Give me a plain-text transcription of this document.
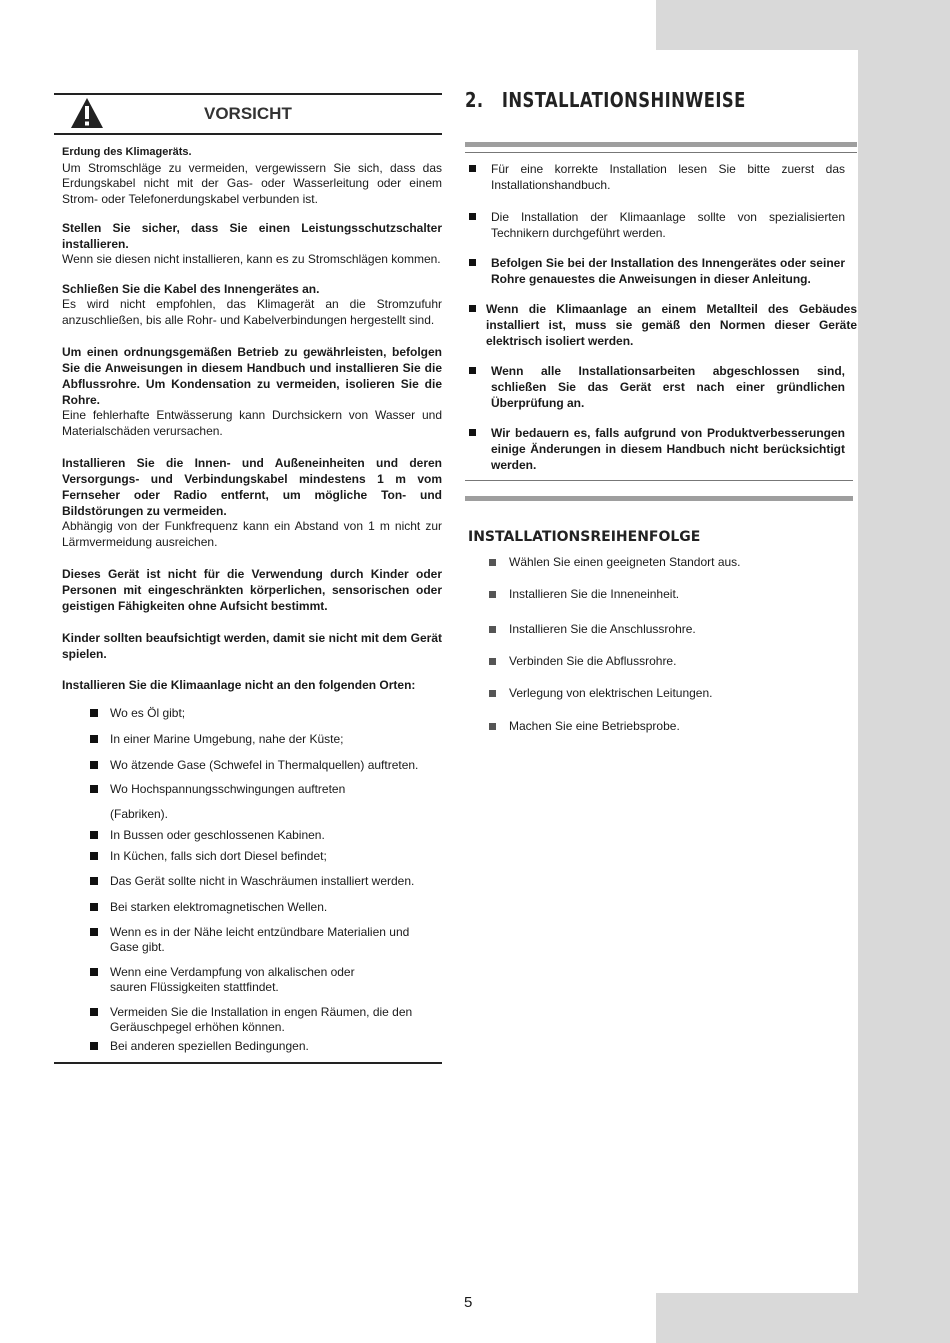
VORSICHT

Erdung des Klimageräts.

Um Stromschläge zu vermeiden, vergewissern Sie sich, dass das Erdungskabel nicht mit der Gas- oder Wasserleitung oder einem Strom- oder Telefonerdungskabel verbunden ist.

Stellen Sie sicher, dass Sie einen Leistungsschutzschalter installieren.

Wenn sie diesen nicht installieren, kann es zu Stromschlägen kommen.

Schließen Sie die Kabel des Innengerätes an.

Es wird nicht empfohlen, das Klimagerät an die Stromzufuhr anzuschließen, bis alle Rohr- und Kabelverbindungen hergestellt sind.

Um einen ordnungsgemäßen Betrieb zu gewährleisten, befolgen Sie die Anweisungen in diesem Handbuch und installieren Sie die Abflussrohre. Um Kondensation zu vermeiden, isolieren Sie die Rohre.

Eine fehlerhafte Entwässerung kann Durchsickern von Wasser und Materialschäden verursachen.

Installieren Sie die Innen- und Außeneinheiten und deren Versorgungs- und Verbindungskabel mindestens 1 m vom Fernseher oder Radio entfernt, um mögliche Ton- und Bildstörungen zu vermeiden.

Abhängig von der Funkfrequenz kann ein Abstand von 1 m nicht zur Lärmvermeidung ausreichen.

Dieses Gerät ist nicht für die Verwendung durch Kinder oder Personen mit eingeschränkten körperlichen, sensorischen oder geistigen Fähigkeiten ohne Aufsicht bestimmt.

Kinder sollten beaufsichtigt werden, damit sie nicht mit dem Gerät spielen.

Installieren Sie die Klimaanlage nicht an den folgenden Orten:

Wo es Öl gibt;
In einer Marine Umgebung, nahe der Küste;
Wo ätzende Gase (Schwefel in Thermalquellen) auftreten.
Wo Hochspannungsschwingungen auftreten
(Fabriken).
In Bussen oder geschlossenen Kabinen.
In Küchen, falls sich dort Diesel befindet;
Das Gerät sollte nicht in Waschräumen installiert werden.
Bei starken elektromagnetischen Wellen.
Wenn es in der Nähe leicht entzündbare Materialien und Gase gibt.
Wenn eine Verdampfung von alkalischen oder sauren Flüssigkeiten stattfindet.
Vermeiden Sie die Installation in engen Räumen, die den Geräuschpegel erhöhen können.
Bei anderen speziellen Bedingungen.
2. INSTALLATIONSHINWEISE
Für eine korrekte Installation lesen Sie bitte zuerst das Installationshandbuch.
Die Installation der Klimaanlage sollte von spezialisierten Technikern durchgeführt werden.
Befolgen Sie bei der Installation des Innengerätes oder seiner Rohre genauestes die Anweisungen in dieser Anleitung.
Wenn die Klimaanlage an einem Metallteil des Gebäudes installiert ist, muss sie gemäß den Normen dieser Geräte elektrisch isoliert werden.
Wenn alle Installationsarbeiten abgeschlossen sind, schließen Sie das Gerät erst nach einer gründlichen Überprüfung an.
Wir bedauern es, falls aufgrund von Produktverbesserungen einige Änderungen in diesem Handbuch nicht berücksichtigt werden.
INSTALLATIONSREIHENFOLGE
Wählen Sie einen geeigneten Standort aus.
Installieren Sie die Inneneinheit.
Installieren Sie die Anschlussrohre.
Verbinden Sie die Abflussrohre.
Verlegung von elektrischen Leitungen.
Machen Sie eine Betriebsprobe.
5
